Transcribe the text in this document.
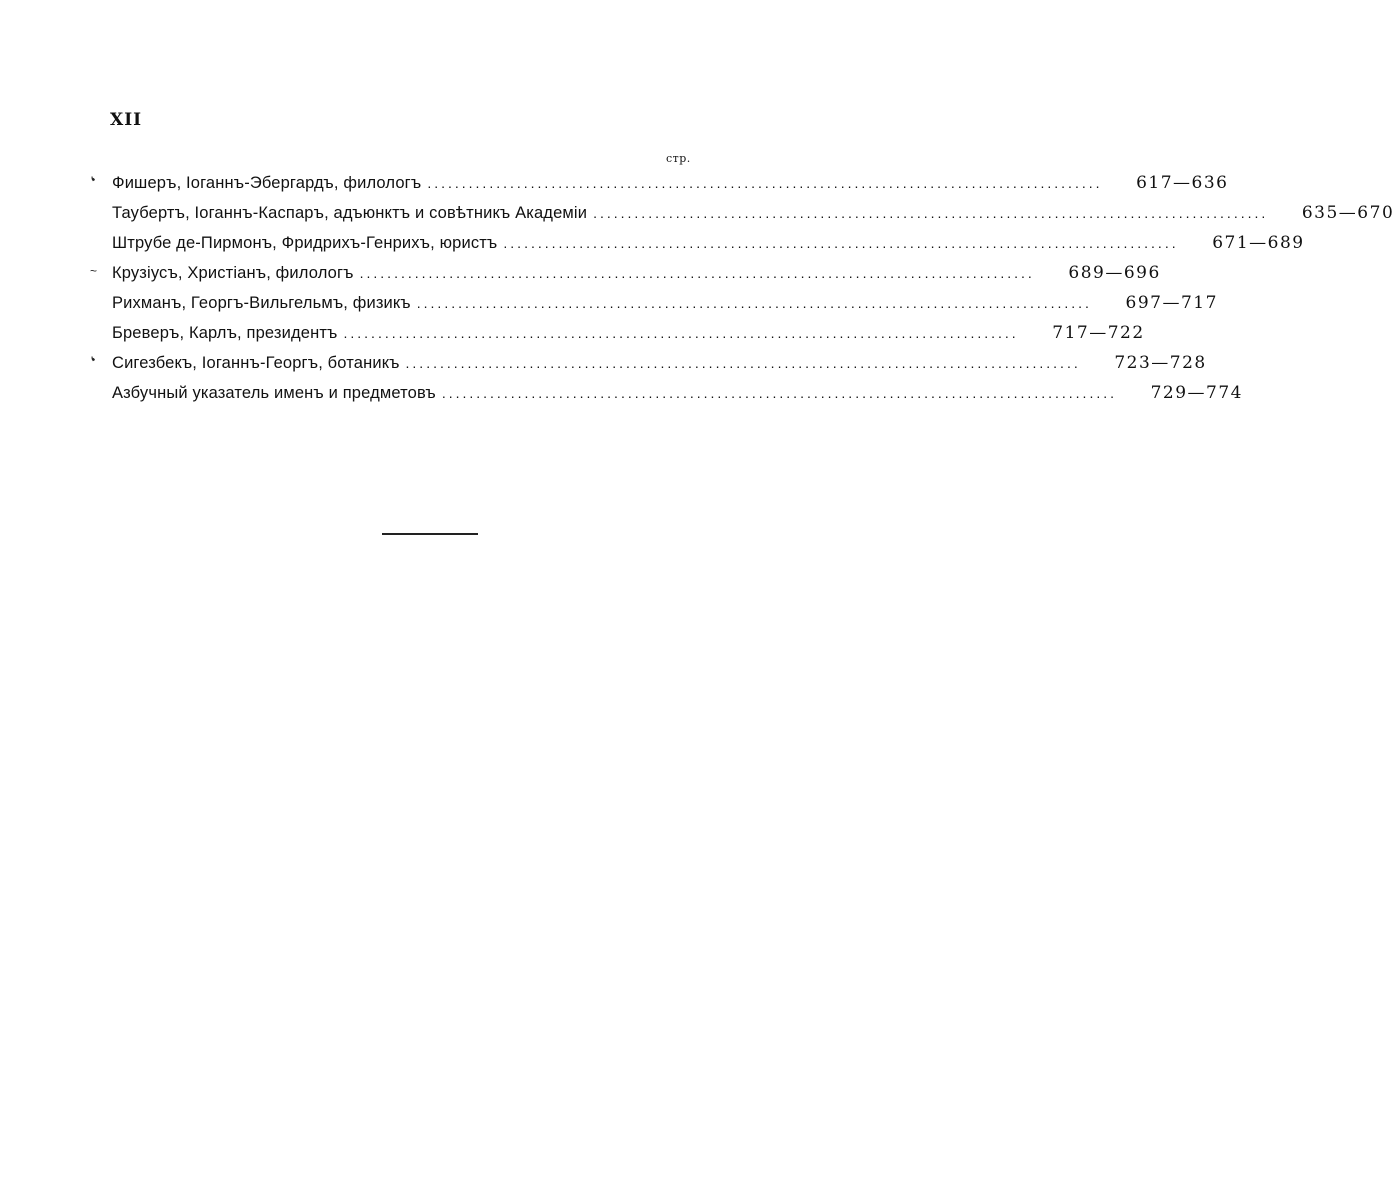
XII
стр.
❛ Фишеръ, Іоганнъ-Эбергардъ, филологъ ..................................................................................................	617—636
Таубертъ, Іоганнъ-Каспаръ, адъюнктъ и совѣтникъ Академіи ..................................................................................................	635—670
Штрубе де-Пирмонъ, Фридрихъ-Генрихъ, юристъ ..................................................................................................	671—689
~ Крузіусъ, Христіанъ, филологъ ..................................................................................................	689—696
Рихманъ, Георгъ-Вильгельмъ, физикъ ..................................................................................................	697—717
Бреверъ, Карлъ, президентъ ..................................................................................................	717—722
❛ Сигезбекъ, Іоганнъ-Георгъ, ботаникъ ..................................................................................................	723—728
Азбучный указатель именъ и предметовъ ..................................................................................................	729—774
